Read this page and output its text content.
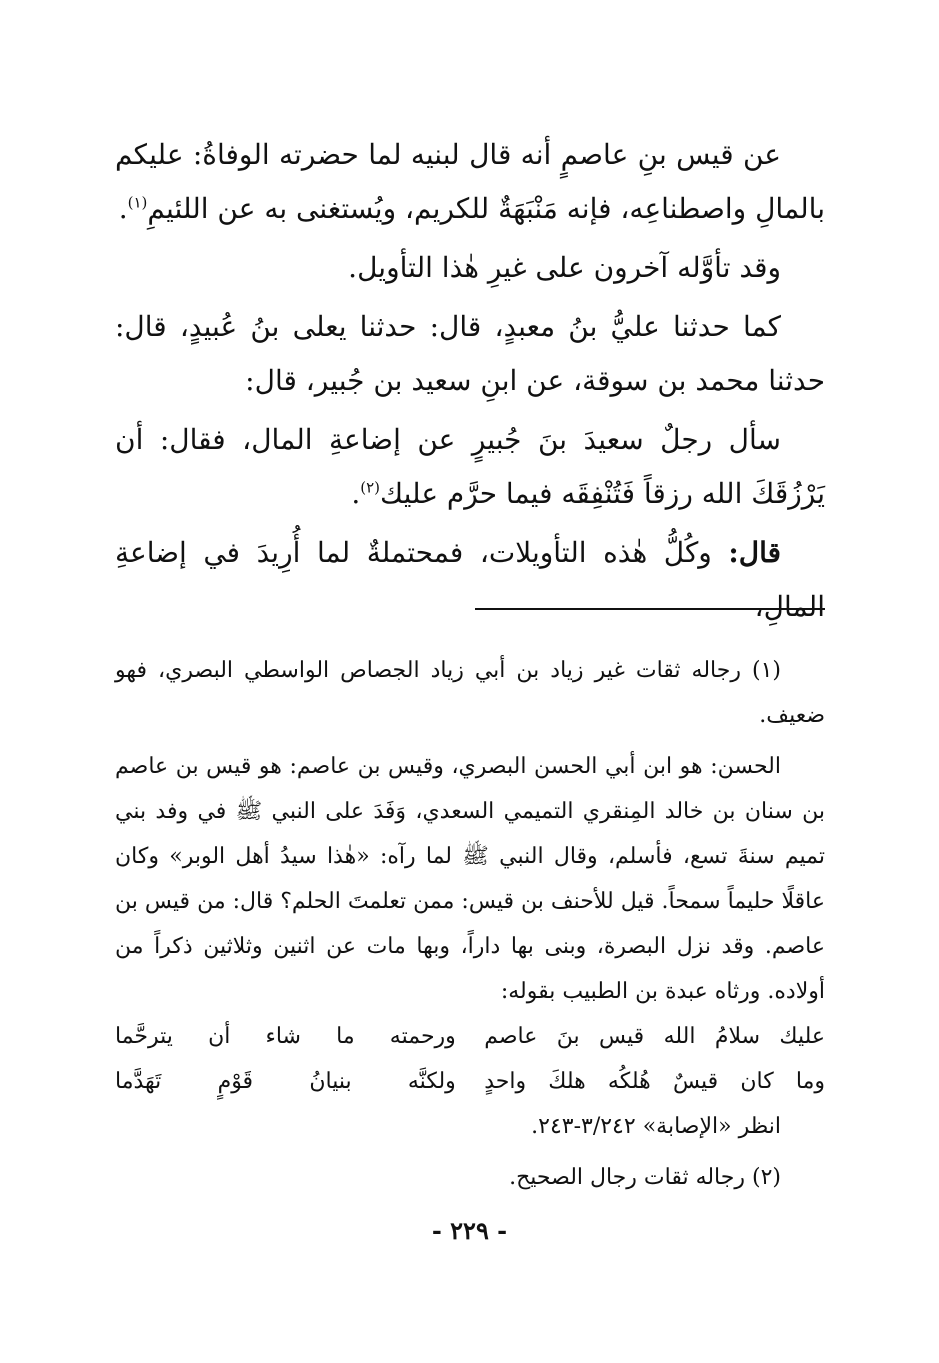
عن قيس بنِ عاصمٍ أنه قال لبنيه لما حضرته الوفاةُ: عليكم بالمالِ واصطناعِه، فإنه مَنْبَهَةٌ للكريم، ويُستغنى به عن اللئيمِ$^{(١)}$.

وقد تأوَّله آخرون على غيرِ هٰذا التأويل.

كما حدثنا عليُّ بنُ معبدٍ، قال: حدثنا يعلى بنُ عُبيدٍ، قال: حدثنا محمد بن سوقة، عن ابنِ سعيد بن جُبير، قال:

سأل رجلٌ سعيدَ بنَ جُبيرٍ عن إضاعةِ المال، فقال: أن يَرْزُقَكَ الله رزقاً فَتُنْفِقَه فيما حرَّم عليك$^{(٢)}$.

قال: وكُلُّ هٰذه التأويلات، فمحتملةٌ لما أُرِيدَ في إضاعةِ المالِ،

(١) رجاله ثقات غير زياد بن أبي زياد الجصاص الواسطي البصري، فهو ضعيف.

الحسن: هو ابن أبي الحسن البصري، وقيس بن عاصم: هو قيس بن عاصم بن سنان بن خالد المِنقري التميمي السعدي، وَفَدَ على النبي ﷺ في وفد بني تميم سنةَ تسع، فأسلم، وقال النبي ﷺ لما رآه: «هٰذا سيدُ أهل الوبر» وكان عاقلًا حليماً سمحاً. قيل للأحنف بن قيس: ممن تعلمتَ الحلم؟ قال: من قيس بن عاصم. وقد نزل البصرة، وبنى بها داراً، وبها مات عن اثنين وثلاثين ذكراً من أولاده. ورثاه عبدة بن الطبيب بقوله:

عليك سلامُ الله قيس بنَ عاصم
ورحمته ما شاء أن يترحَّما
وما كان قيسٌ هُلكُه هلكَ واحدٍ
ولكنَّه بنيانُ قَوْمٍ تَهَدَّما

انظر «الإصابة» ٣/٢٤٢-٢٤٣.

(٢) رجاله ثقات رجال الصحيح.

- ٢٢٩ -
